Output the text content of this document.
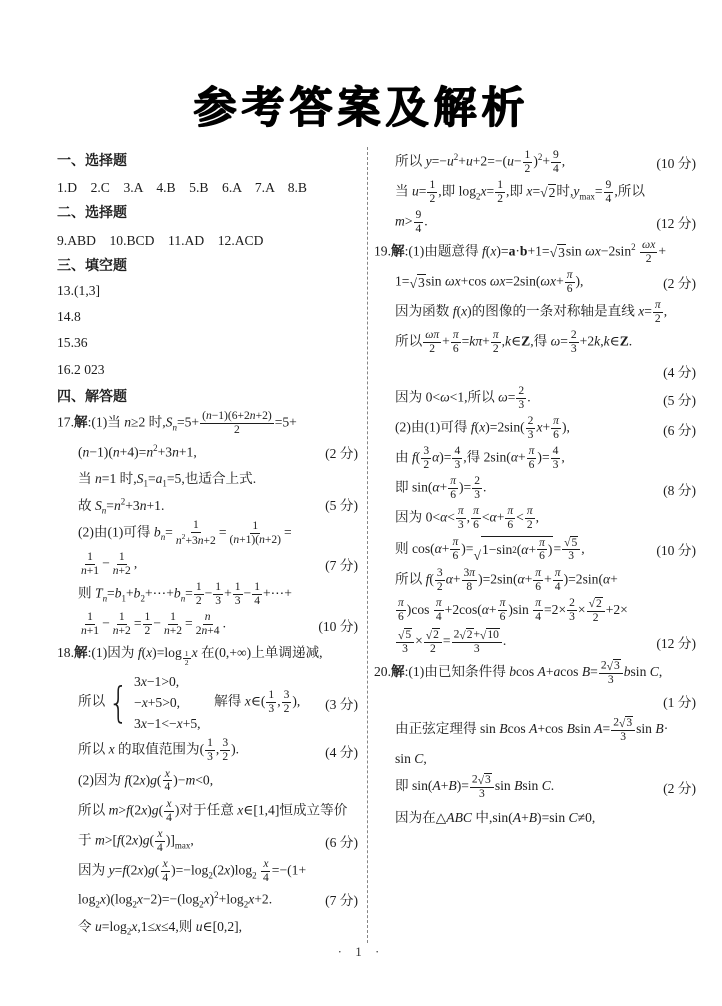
参考答案及解析
一、选择题
1.D　2.C　3.A　4.B　5.B　6.A　7.A　8.B
二、选择题
9.ABD　10.BCD　11.AD　12.ACD
三、填空题
13.(1,3]
14.8
15.36
16.2 023
四、解答题
17.解:(1)当 n≥2 时$,S_n=5+ \frac{(n-1)(6+2n+2)}{2} =5+$
$(n-1)(n+4)=n^2+3n+1$,	(2 分)
当 n=1 时$,S_1=a_1=5$,也适合上式.
故 $S_n=n^2+3n+1$.	(5 分)
(2)由(1)可得 $b_n= \frac{1}{n^2+3n+2} = \frac{1}{(n+1)(n+2)}$ =
$\frac{1}{n+1} - \frac{1}{n+2}$ ,	(7 分)
则 $T_n=b_1+b_2+\cdots+b_n= \frac{1}{2} - \frac{1}{3} + \frac{1}{3} - \frac{1}{4}$ +⋯+
$\frac{1}{n+1} - \frac{1}{n+2} = \frac{1}{2} - \frac{1}{n+2} = \frac{n}{2n+4}$ .	(10 分)
18.解:(1)因为 f(x)=log $_{\frac{1}{2}}$ x 在(0,+∞)上单调递减,
所以 { 3x−1>0,
−x+5>0,
3x−1<−x+5,
　解得 x∈( $\frac{1}{3}$ , $\frac{3}{2}$ ),	(3 分)
所以 x 的取值范围为( $\frac{1}{3}$ , $\frac{3}{2}$ ).	(4 分)
(2)因为 $f(2x)g( \frac{x}{4} )-m<0$,
所以 $m>f(2x)g( \frac{x}{4}$ )对于任意 x∈[1,4]恒成立等价
于 $m>[f(2x)g( \frac{x}{4} )]_{max}$,	(6 分)
因为 $y=f(2x)g( \frac{x}{4} )=-\log_2(2x)\log_2 \frac{x}{4} =-(1+$
$\log_2x)(\log_2x-2)=-(\log_2x)^2+\log_2x+2$.	(7 分)
令 $u=\log_2x,1\le x\le 4$,则 u∈[0,2],
所以 $y=-u^2+u+2=-(u- \frac{1}{2} )^2+ \frac{9}{4}$ ,	(10 分)
当 $u= \frac{1}{2}$ ,即 $\log_2x= \frac{1}{2}$ ,即 x= √ 2 时$,y_{max}= \frac{9}{4}$ ,所以
$m> \frac{9}{4}$ .	(12 分)
19.解:(1)由题意得 f(x)=a·b+1= √ 3 $\sin \omega x-2\sin^2 \frac{\omega x}{2}$ +
1= √ 3 sin ωx+cos $\omega x=2\sin(\omega x+ \frac{\pi}{6}$ ),	(2 分)
因为函数 f(x)的图像的一条对称轴是直线 $x= \frac{\pi}{2}$ ,
所以 $\frac{\omega\pi}{2} + \frac{\pi}{6} =k\pi+ \frac{\pi}{2}$ ,k∈Z,得 $\omega= \frac{2}{3}$ +2k,k∈Z.
(4 分)
因为 0<ω<1,所以 $\omega= \frac{2}{3}$ .	(5 分)
(2)由(1)可得 $f(x)=2\sin( \frac{2}{3} x+ \frac{\pi}{6}$ ),	(6 分)
由 $f( \frac{3}{2} \alpha)= \frac{4}{3}$ ,得 $2\sin(\alpha+ \frac{\pi}{6}$ )= $\frac{4}{3}$ ,
即 $\sin(\alpha+ \frac{\pi}{6}$ )= $\frac{2}{3}$ .	(8 分)
因为 $0<\alpha< \frac{\pi}{3}$ , $\frac{\pi}{6} <\alpha+ \frac{\pi}{6} < \frac{\pi}{2}$ ,
则 $\cos(\alpha+ \frac{\pi}{6}$ )=
√ 1− sin 2 ( α + π
6 ) = $\frac{√ 5}{3}$ ,	(10 分)
所以 $f( \frac{3}{2} \alpha+ \frac{3\pi}{8} )=2\sin(\alpha+ \frac{\pi}{6} + \frac{\pi}{4} )=2\sin(\alpha+$
$\frac{\pi}{6} )\cos \frac{\pi}{4} +2\cos(\alpha+ \frac{\pi}{6} )\sin \frac{\pi}{4} =2\times \frac{2}{3} \times \frac{√ 2}{2} +2\times$
$\frac{√ 5}{3} \times \frac{√ 2}{2} = \frac{2 √ 2 + √ 10}{3}$ .	(12 分)
20.解:(1)由已知条件得 bcos A+acos $B= \frac{2 √ 3}{3}$ bsin C,
(1 分)
由正弦定理得 sin Bcos A+cos Bsin $A= \frac{2 √ 3}{3}$ sin B·
sin C,
即 $\sin(A+B)= \frac{2 √ 3}{3}$ sin Bsin C.	(2 分)
因为在△ABC 中,sin(A+B)=sin C≠0,
· 1 ·
